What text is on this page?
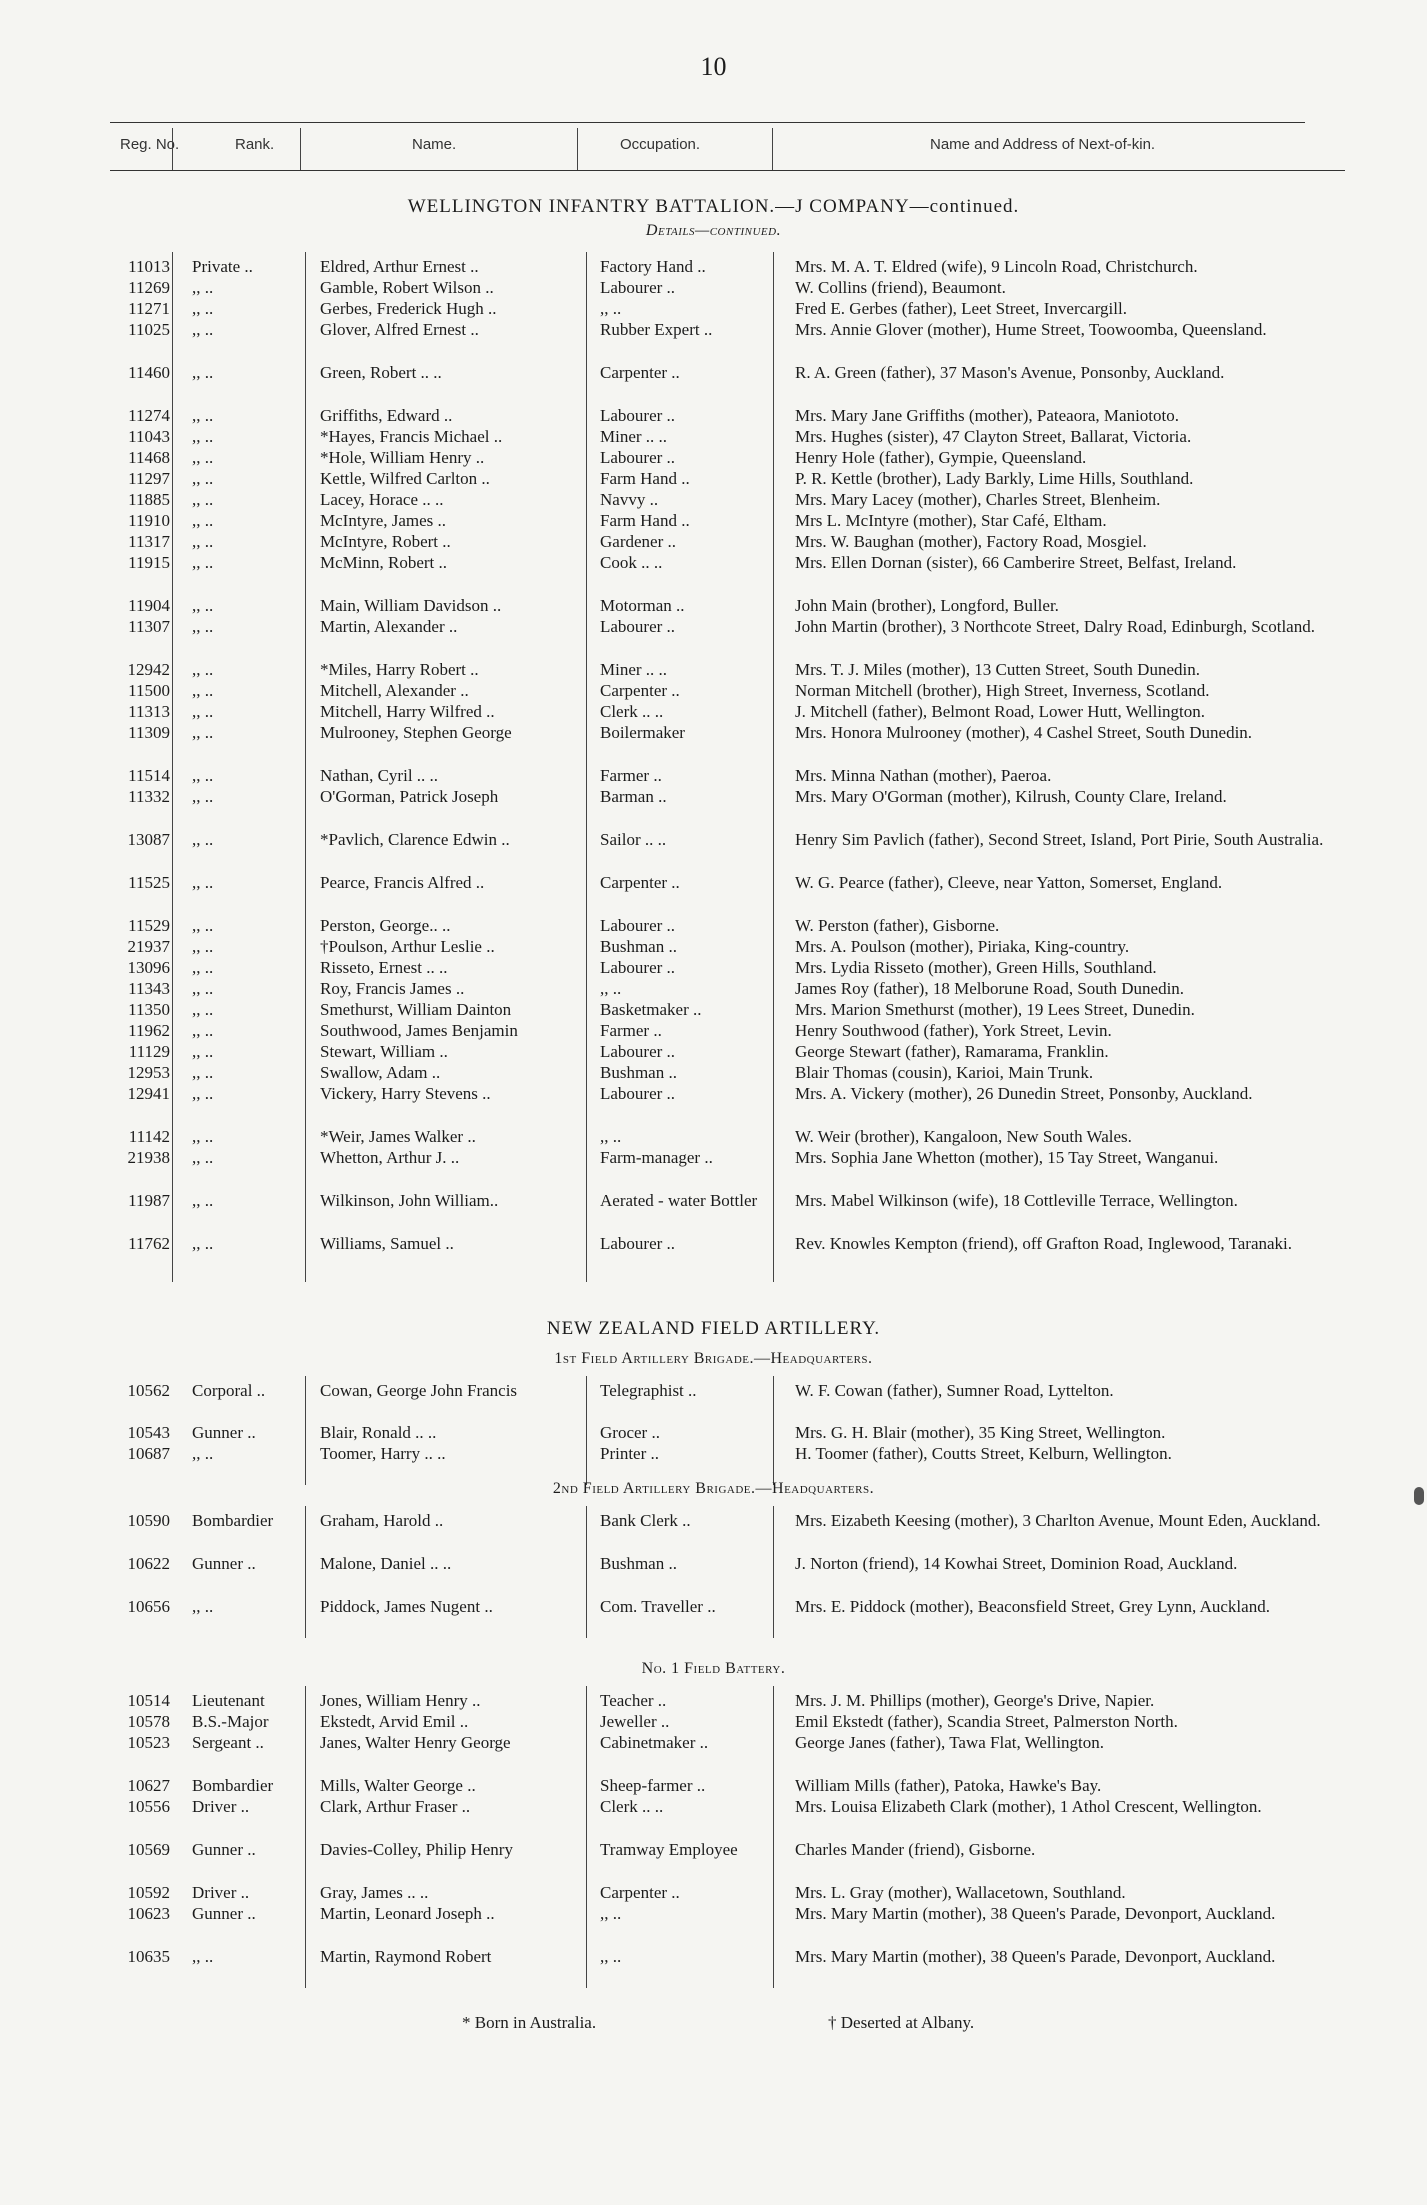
10
Reg. No.	Rank.	Name.	Occupation.	Name and Address of Next-of-kin.
WELLINGTON INFANTRY BATTALION.—J COMPANY—continued.
Details—continued.
11013 Private ..	Eldred, Arthur Ernest ..	Factory Hand ..	Mrs. M. A. T. Eldred (wife), 9 Lincoln Road, Christchurch.
11269 ,, ..	Gamble, Robert Wilson ..	Labourer ..	W. Collins (friend), Beaumont.
11271 ,, ..	Gerbes, Frederick Hugh ..	,, ..	Fred E. Gerbes (father), Leet Street, Invercargill.
11025 ,, ..	Glover, Alfred Ernest ..	Rubber Expert ..	Mrs. Annie Glover (mother), Hume Street, Toowoomba, Queensland.
11460 ,, ..	Green, Robert .. ..	Carpenter ..	R. A. Green (father), 37 Mason's Avenue, Ponsonby, Auckland.
11274 ,, ..	Griffiths, Edward ..	Labourer ..	Mrs. Mary Jane Griffiths (mother), Pateaora, Maniototo.
11043 ,, ..	*Hayes, Francis Michael ..	Miner .. ..	Mrs. Hughes (sister), 47 Clayton Street, Ballarat, Victoria.
11468 ,, ..	*Hole, William Henry ..	Labourer ..	Henry Hole (father), Gympie, Queensland.
11297 ,, ..	Kettle, Wilfred Carlton ..	Farm Hand ..	P. R. Kettle (brother), Lady Barkly, Lime Hills, Southland.
11885 ,, ..	Lacey, Horace .. ..	Navvy ..	Mrs. Mary Lacey (mother), Charles Street, Blenheim.
11910 ,, ..	McIntyre, James ..	Farm Hand ..	Mrs L. McIntyre (mother), Star Café, Eltham.
11317 ,, ..	McIntyre, Robert ..	Gardener ..	Mrs. W. Baughan (mother), Factory Road, Mosgiel.
11915 ,, ..	McMinn, Robert ..	Cook .. ..	Mrs. Ellen Dornan (sister), 66 Camberire Street, Belfast, Ireland.
11904 ,, ..	Main, William Davidson ..	Motorman ..	John Main (brother), Longford, Buller.
11307 ,, ..	Martin, Alexander ..	Labourer ..	John Martin (brother), 3 Northcote Street, Dalry Road, Edinburgh, Scotland.
12942 ,, ..	*Miles, Harry Robert ..	Miner .. ..	Mrs. T. J. Miles (mother), 13 Cutten Street, South Dunedin.
11500 ,, ..	Mitchell, Alexander ..	Carpenter ..	Norman Mitchell (brother), High Street, Inverness, Scotland.
11313 ,, ..	Mitchell, Harry Wilfred ..	Clerk .. ..	J. Mitchell (father), Belmont Road, Lower Hutt, Wellington.
11309 ,, ..	Mulrooney, Stephen George	Boilermaker	Mrs. Honora Mulrooney (mother), 4 Cashel Street, South Dunedin.
11514 ,, ..	Nathan, Cyril .. ..	Farmer ..	Mrs. Minna Nathan (mother), Paeroa.
11332 ,, ..	O'Gorman, Patrick Joseph	Barman ..	Mrs. Mary O'Gorman (mother), Kilrush, County Clare, Ireland.
13087 ,, ..	*Pavlich, Clarence Edwin ..	Sailor .. ..	Henry Sim Pavlich (father), Second Street, Island, Port Pirie, South Australia.
11525 ,, ..	Pearce, Francis Alfred ..	Carpenter ..	W. G. Pearce (father), Cleeve, near Yatton, Somerset, England.
11529 ,, ..	Perston, George.. ..	Labourer ..	W. Perston (father), Gisborne.
21937 ,, ..	†Poulson, Arthur Leslie ..	Bushman ..	Mrs. A. Poulson (mother), Piriaka, King-country.
13096 ,, ..	Risseto, Ernest .. ..	Labourer ..	Mrs. Lydia Risseto (mother), Green Hills, Southland.
11343 ,, ..	Roy, Francis James ..	,, ..	James Roy (father), 18 Melborune Road, South Dunedin.
11350 ,, ..	Smethurst, William Dainton	Basketmaker ..	Mrs. Marion Smethurst (mother), 19 Lees Street, Dunedin.
11962 ,, ..	Southwood, James Benjamin	Farmer ..	Henry Southwood (father), York Street, Levin.
11129 ,, ..	Stewart, William ..	Labourer ..	George Stewart (father), Ramarama, Franklin.
12953 ,, ..	Swallow, Adam ..	Bushman ..	Blair Thomas (cousin), Karioi, Main Trunk.
12941 ,, ..	Vickery, Harry Stevens ..	Labourer ..	Mrs. A. Vickery (mother), 26 Dunedin Street, Ponsonby, Auckland.
11142 ,, ..	*Weir, James Walker ..	,, ..	W. Weir (brother), Kangaloon, New South Wales.
21938 ,, ..	Whetton, Arthur J. ..	Farm-manager ..	Mrs. Sophia Jane Whetton (mother), 15 Tay Street, Wanganui.
11987 ,, ..	Wilkinson, John William..	Aerated - water Bottler	Mrs. Mabel Wilkinson (wife), 18 Cottleville Terrace, Wellington.
11762 ,, ..	Williams, Samuel ..	Labourer ..	Rev. Knowles Kempton (friend), off Grafton Road, Inglewood, Taranaki.
NEW ZEALAND FIELD ARTILLERY.
1st Field Artillery Brigade.—Headquarters.
10562 Corporal ..	Cowan, George John Francis	Telegraphist ..	W. F. Cowan (father), Sumner Road, Lyttelton.
10543 Gunner ..	Blair, Ronald .. ..	Grocer ..	Mrs. G. H. Blair (mother), 35 King Street, Wellington.
10687 ,, ..	Toomer, Harry .. ..	Printer ..	H. Toomer (father), Coutts Street, Kelburn, Wellington.
2nd Field Artillery Brigade.—Headquarters.
10590 Bombardier	Graham, Harold ..	Bank Clerk ..	Mrs. Eizabeth Keesing (mother), 3 Charlton Avenue, Mount Eden, Auckland.
10622 Gunner ..	Malone, Daniel .. ..	Bushman ..	J. Norton (friend), 14 Kowhai Street, Dominion Road, Auckland.
10656 ,, ..	Piddock, James Nugent ..	Com. Traveller ..	Mrs. E. Piddock (mother), Beaconsfield Street, Grey Lynn, Auckland.
No. 1 Field Battery.
10514 Lieutenant	Jones, William Henry ..	Teacher ..	Mrs. J. M. Phillips (mother), George's Drive, Napier.
10578 B.S.-Major	Ekstedt, Arvid Emil ..	Jeweller ..	Emil Ekstedt (father), Scandia Street, Palmerston North.
10523 Sergeant ..	Janes, Walter Henry George	Cabinetmaker ..	George Janes (father), Tawa Flat, Wellington.
10627 Bombardier	Mills, Walter George ..	Sheep-farmer ..	William Mills (father), Patoka, Hawke's Bay.
10556 Driver ..	Clark, Arthur Fraser ..	Clerk .. ..	Mrs. Louisa Elizabeth Clark (mother), 1 Athol Crescent, Wellington.
10569 Gunner ..	Davies-Colley, Philip Henry	Tramway Employee	Charles Mander (friend), Gisborne.
10592 Driver ..	Gray, James .. ..	Carpenter ..	Mrs. L. Gray (mother), Wallacetown, Southland.
10623 Gunner ..	Martin, Leonard Joseph ..	,, ..	Mrs. Mary Martin (mother), 38 Queen's Parade, Devonport, Auckland.
10635 ,, ..	Martin, Raymond Robert	,, ..	Mrs. Mary Martin (mother), 38 Queen's Parade, Devonport, Auckland.
* Born in Australia.	† Deserted at Albany.
